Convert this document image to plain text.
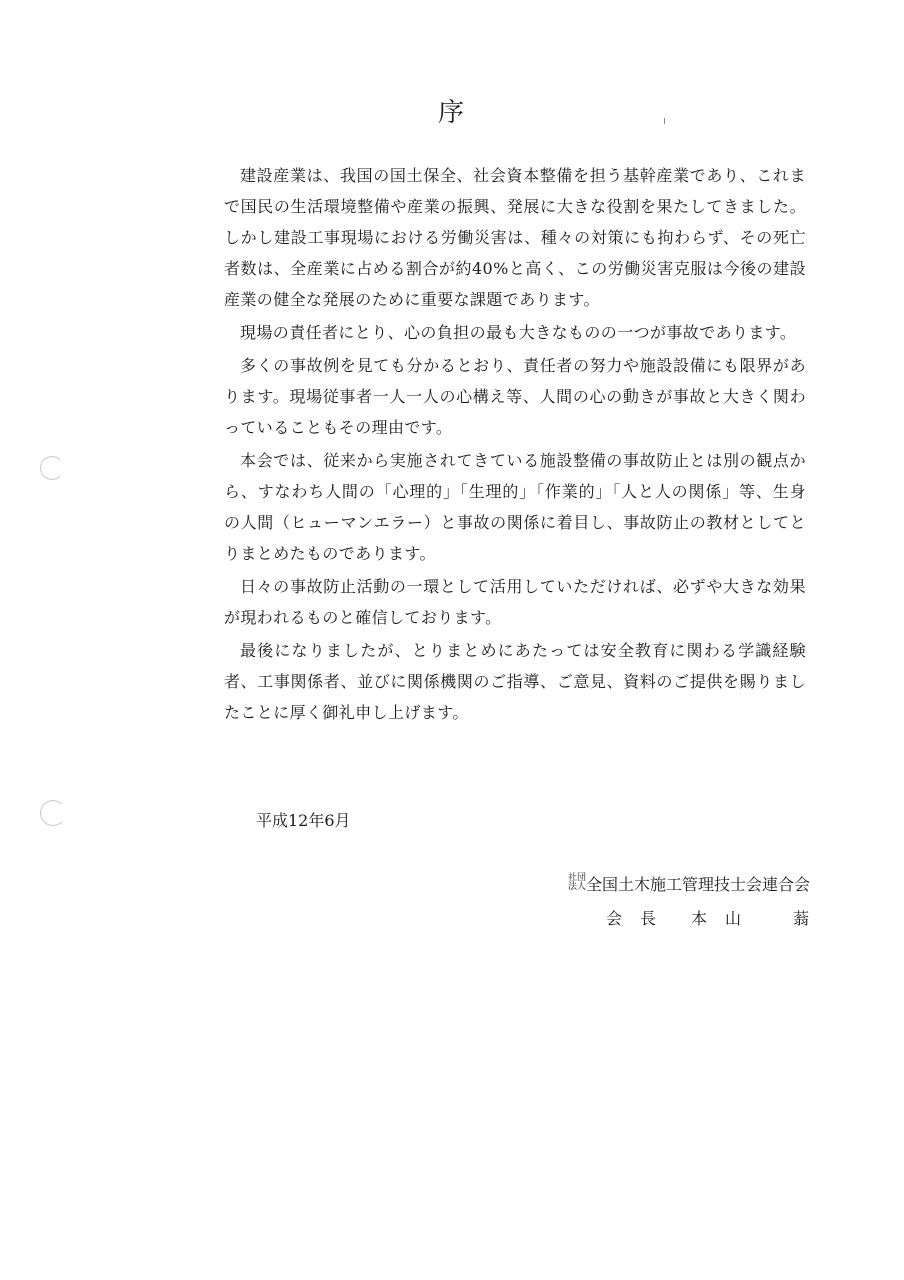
序

建設産業は、我国の国土保全、社会資本整備を担う基幹産業であり、これまで国民の生活環境整備や産業の振興、発展に大きな役割を果たしてきました。しかし建設工事現場における労働災害は、種々の対策にも拘わらず、その死亡者数は、全産業に占める割合が約40%と高く、この労働災害克服は今後の建設産業の健全な発展のために重要な課題であります。

現場の責任者にとり、心の負担の最も大きなものの一つが事故であります。

多くの事故例を見ても分かるとおり、責任者の努力や施設設備にも限界があります。現場従事者一人一人の心構え等、人間の心の動きが事故と大きく関わっていることもその理由です。

本会では、従来から実施されてきている施設整備の事故防止とは別の観点から、すなわち人間の「心理的」「生理的」「作業的」「人と人の関係」等、生身の人間（ヒューマンエラー）と事故の関係に着目し、事故防止の教材としてとりまとめたものであります。

日々の事故防止活動の一環として活用していただければ、必ずや大きな効果が現われるものと確信しております。

最後になりましたが、とりまとめにあたっては安全教育に関わる学識経験者、工事関係者、並びに関係機関のご指導、ご意見、資料のご提供を賜りましたことに厚く御礼申し上げます。

平成12年6月
社団法人全国土木施工管理技士会連合会
会　長　　 本　山　　　蓊
